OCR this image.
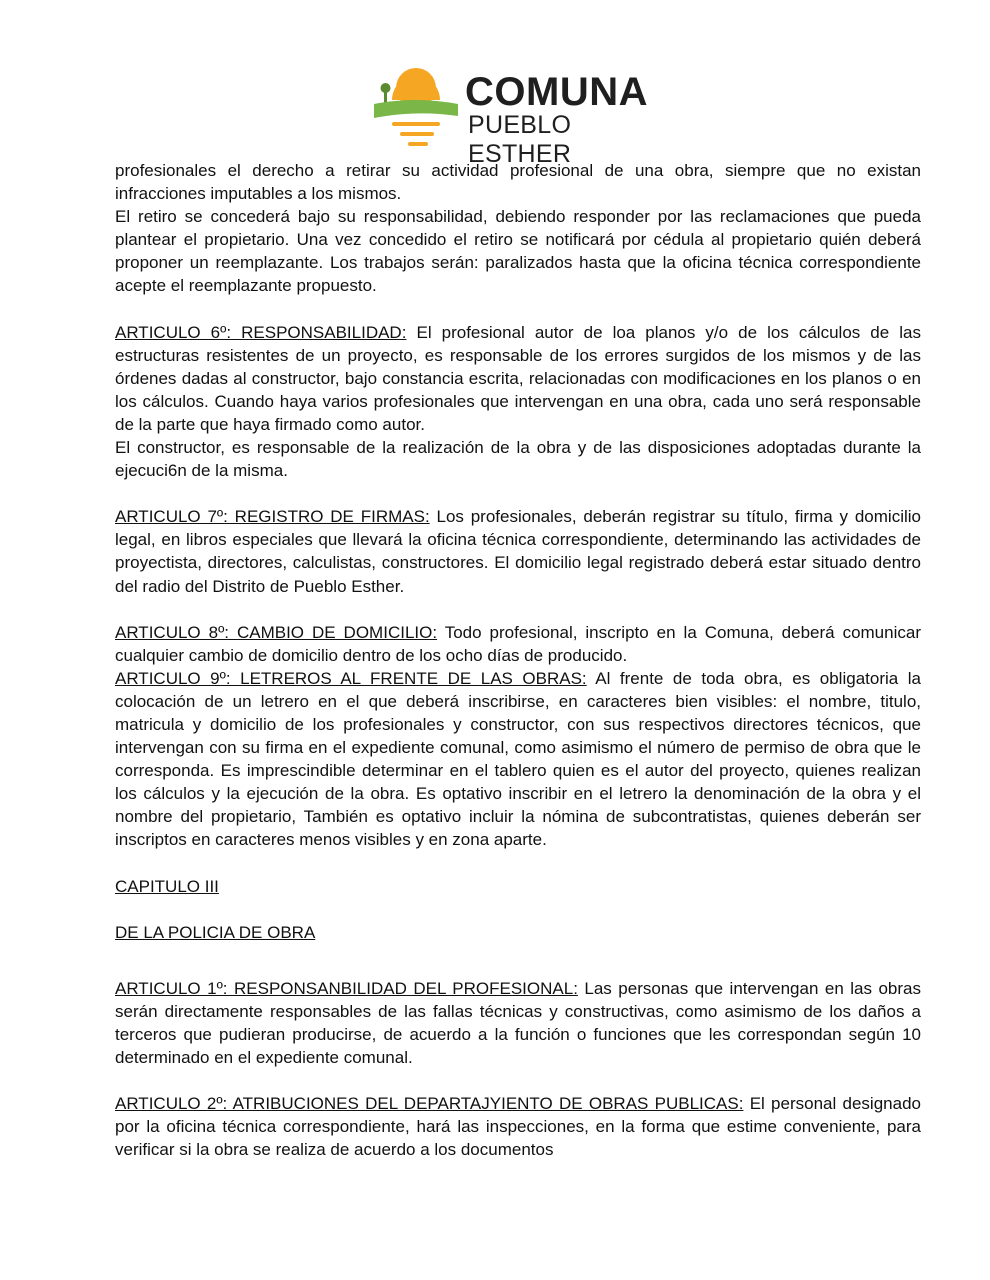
COMUNA
PUEBLO ESTHER

profesionales el derecho a retirar su actividad profesional de una obra, siempre que no existan infracciones imputables a los mismos.

El retiro se concederá bajo su responsabilidad, debiendo responder por las reclamaciones que pueda plantear el propietario. Una vez concedido el retiro se notificará por cédula al propietario quién deberá proponer un reemplazante. Los trabajos serán: paralizados hasta que la oficina técnica correspondiente acepte el reemplazante propuesto.

ARTICULO 6º: RESPONSABILIDAD: El profesional autor de loa planos y/o de los cálculos de las estructuras resistentes de un proyecto, es responsable de los errores surgidos de los mismos y de las órdenes dadas al constructor, bajo constancia escrita, relacionadas con modificaciones en los planos o en los cálculos. Cuando haya varios profesionales que intervengan en una obra, cada uno será responsable de la parte que haya firmado como autor.

El constructor, es responsable de la realización de la obra y de las disposiciones adoptadas durante la ejecuci6n de la misma.

ARTICULO 7º: REGISTRO DE FIRMAS: Los profesionales, deberán registrar su título, firma y domicilio legal, en libros especiales que llevará la oficina técnica correspondiente, determinando las actividades de proyectista, directores, calculistas, constructores. El domicilio legal registrado deberá estar situado dentro del radio del Distrito de Pueblo Esther.

ARTICULO 8º: CAMBIO DE DOMICILIO: Todo profesional, inscripto en la Comuna, deberá comunicar cualquier cambio de domicilio dentro de los ocho días de producido.

ARTICULO 9º: LETREROS AL FRENTE DE LAS OBRAS: Al frente de toda obra, es obligatoria la colocación de un letrero en el que deberá inscribirse, en caracteres bien visibles: el nombre, titulo, matricula y domicilio de los profesionales y constructor, con sus respectivos directores técnicos, que intervengan con su firma en el expediente comunal, como asimismo el número de permiso de obra que le corresponda. Es imprescindible determinar en el tablero quien es el autor del proyecto, quienes realizan los cálculos y la ejecución de la obra. Es optativo inscribir en el letrero la denominación de la obra y el nombre del propietario, También es optativo incluir la nómina de subcontratistas, quienes deberán ser inscriptos en caracteres menos visibles y en zona aparte.

CAPITULO III

DE LA POLICIA DE OBRA

ARTICULO 1º: RESPONSANBILIDAD DEL PROFESIONAL: Las personas que intervengan en las obras serán directamente responsables de las fallas técnicas y constructivas, como asimismo de los daños a terceros que pudieran producirse, de acuerdo a la función o funciones que les correspondan según 10 determinado en el expediente comunal.

ARTICULO 2º: ATRIBUCIONES DEL DEPARTAJYIENTO DE OBRAS PUBLICAS: El personal designado por la oficina técnica correspondiente, hará las inspecciones, en la forma que estime conveniente, para verificar si la obra se realiza de acuerdo a los documentos
